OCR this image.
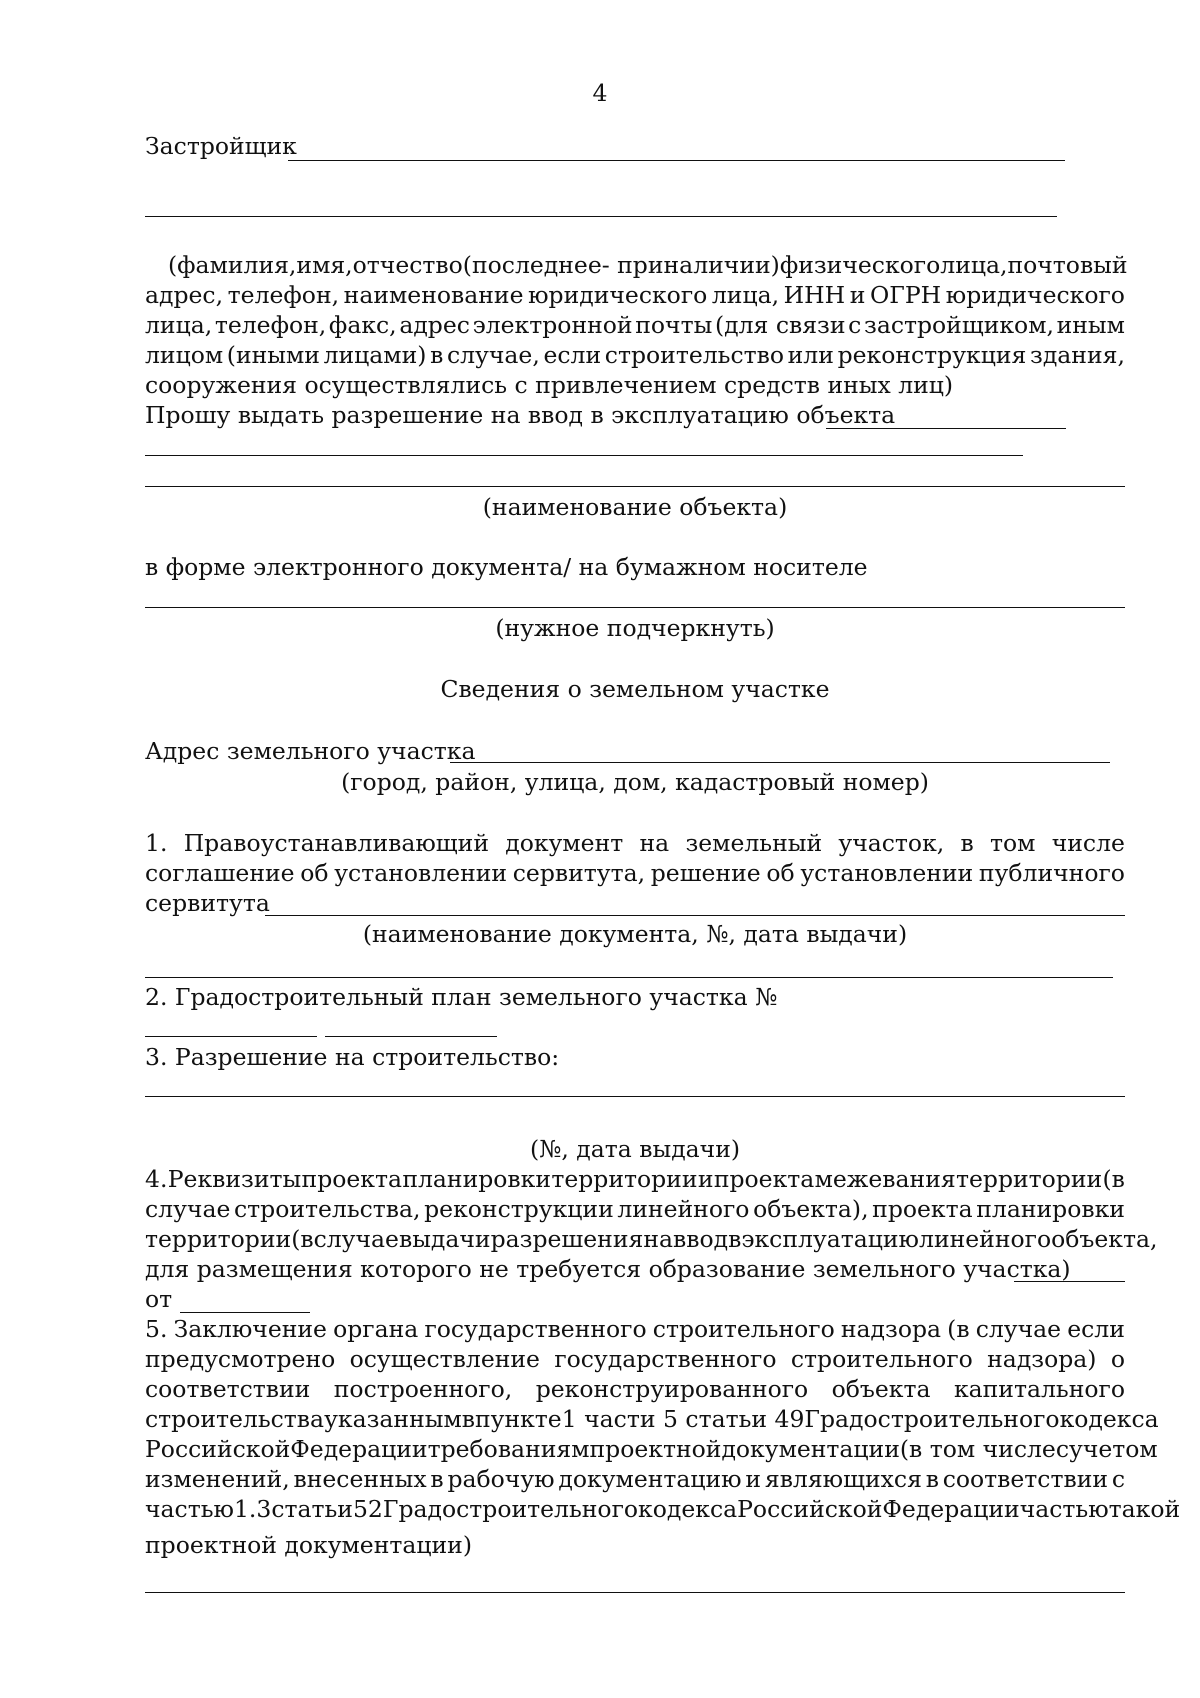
4
Застройщик
(фамилия, имя, отчество (последнее - при наличии) физического лица, почтовый
адрес, телефон, наименование юридического лица, ИНН и ОГРН юридического
лица, телефон, факс, адрес электронной почты (для связи с застройщиком, иным
лицом (иными лицами) в случае, если строительство или реконструкция здания,
сооружения осуществлялись с привлечением средств иных лиц)
Прошу выдать разрешение на ввод в эксплуатацию объекта
(наименование объекта)
в форме электронного документа/ на бумажном носителе
(нужное подчеркнуть)
Сведения о земельном участке
Адрес земельного участка
(город, район, улица, дом, кадастровый номер)
1. Правоустанавливающий документ на земельный участок, в том числе
соглашение об установлении сервитута, решение об установлении публичного
сервитута
(наименование документа, №, дата выдачи)
2. Градостроительный план земельного участка №
3. Разрешение на строительство:
(№, дата выдачи)
4. Реквизиты проекта планировки территории и проекта межевания территории (в
случае строительства, реконструкции линейного объекта), проекта планировки
территории (в случае выдачи разрешения на ввод в эксплуатацию линейного объекта,
для размещения которого не требуется образование земельного участка)
от
5. Заключение органа государственного строительного надзора (в случае если
предусмотрено осуществление государственного строительного надзора) о
соответствии построенного, реконструированного объекта капитального
строительства указанным в пункте 1 части 5 статьи 49 Градостроительного кодекса
Российской Федерации требованиям проектной документации (в том числе с учетом
изменений, внесенных в рабочую документацию и являющихся в соответствии с
частью 1.3 статьи 52 Градостроительного кодекса Российской Федерации частью такой
проектной документации)
